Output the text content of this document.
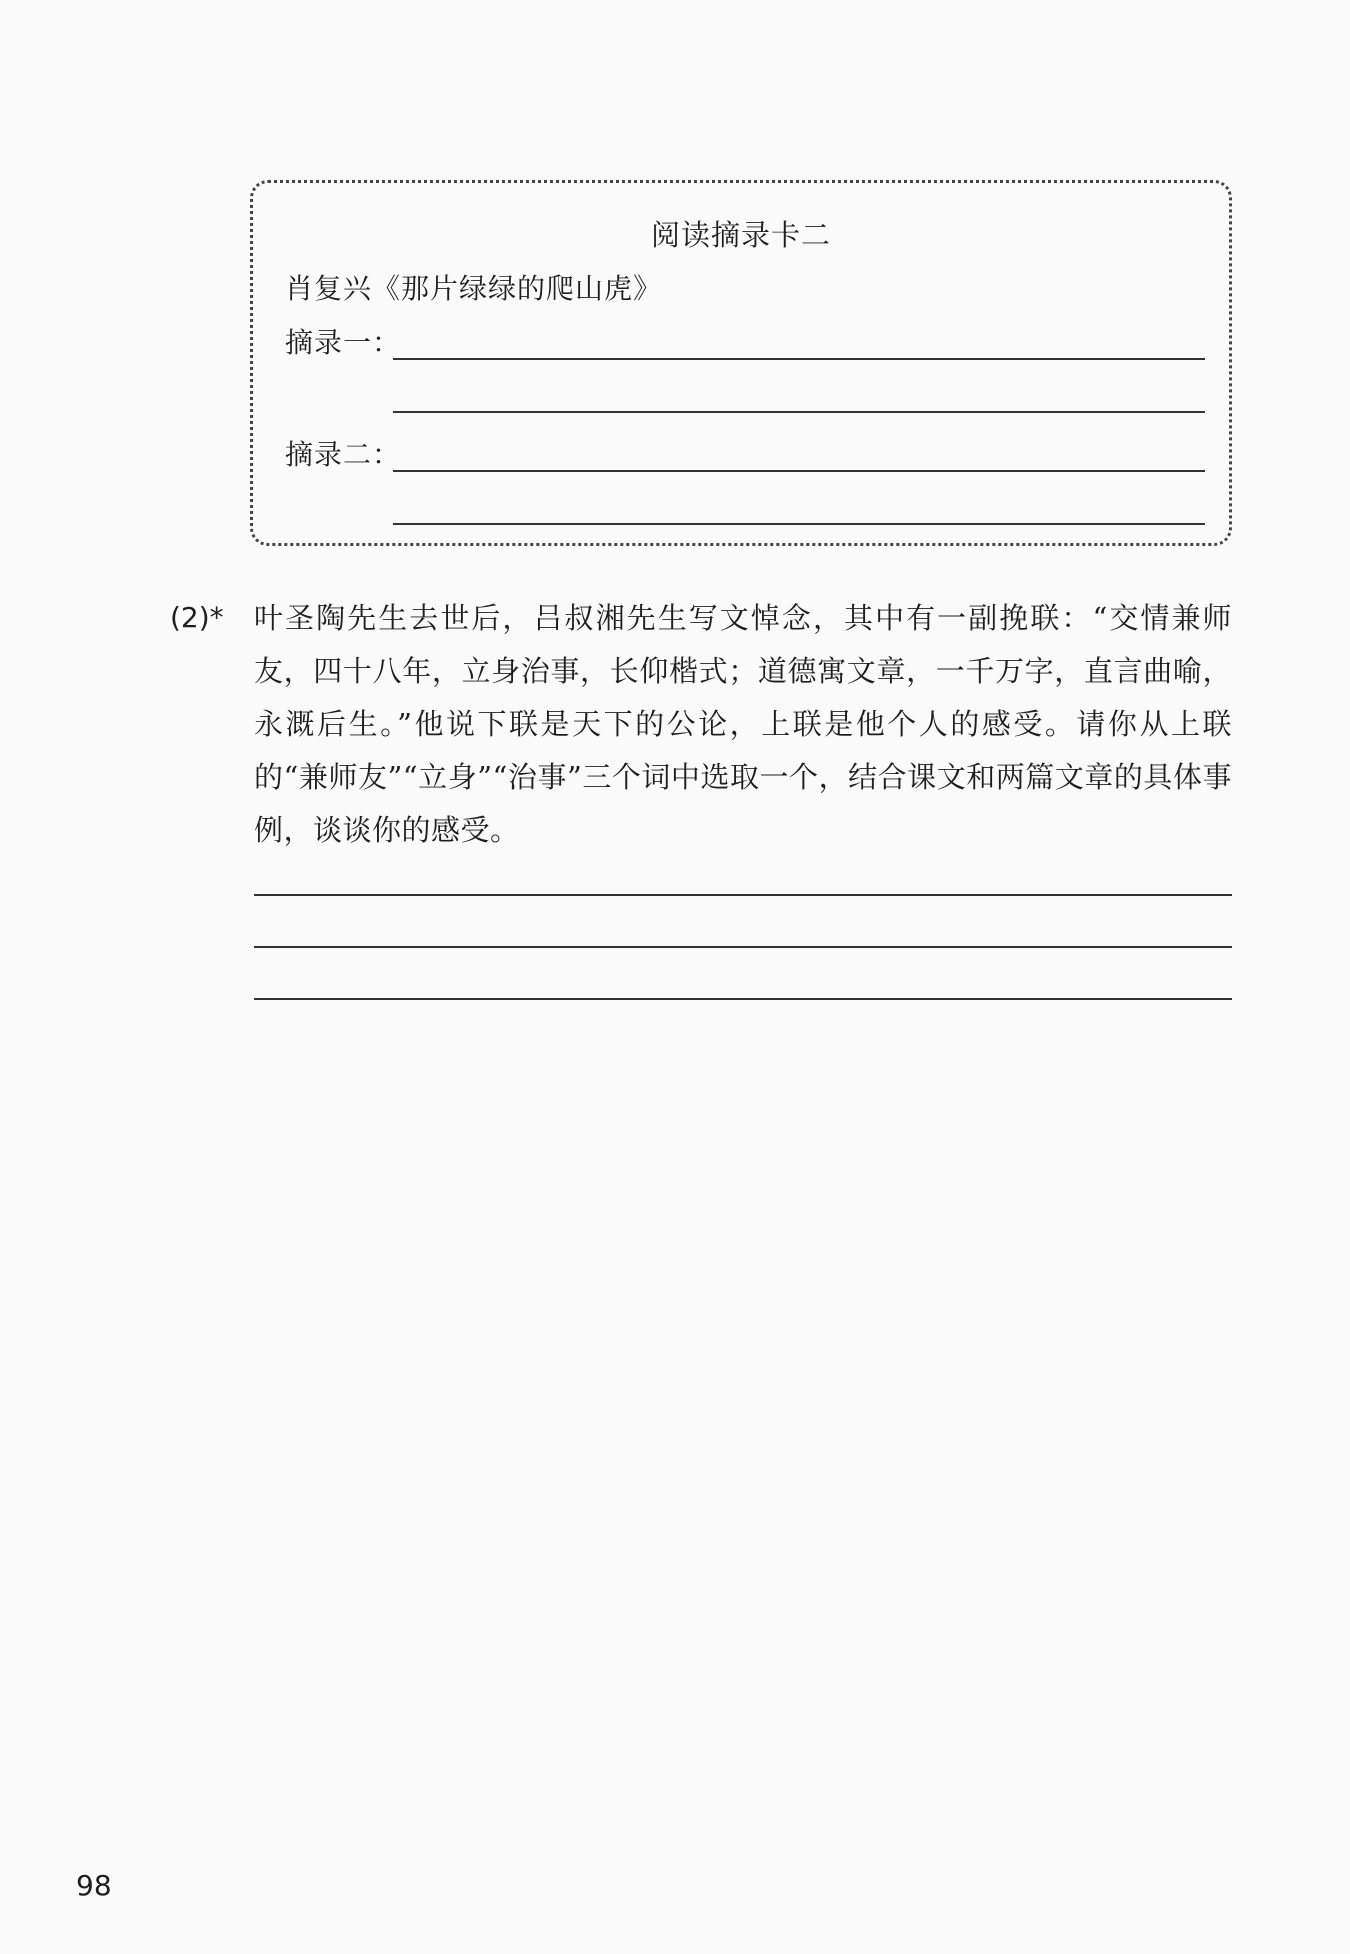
阅读摘录卡二
肖复兴《那片绿绿的爬山虎》
摘录一：
摘录二：
(2)* 叶圣陶先生去世后，吕叔湘先生写文悼念，其中有一副挽联：“交情兼师友，四十八年，立身治事，长仰楷式；道德寓文章，一千万字，直言曲喻，永溉后生。”他说下联是天下的公论，上联是他个人的感受。请你从上联的“兼师友”“立身”“治事”三个词中选取一个，结合课文和两篇文章的具体事例，谈谈你的感受。
98
